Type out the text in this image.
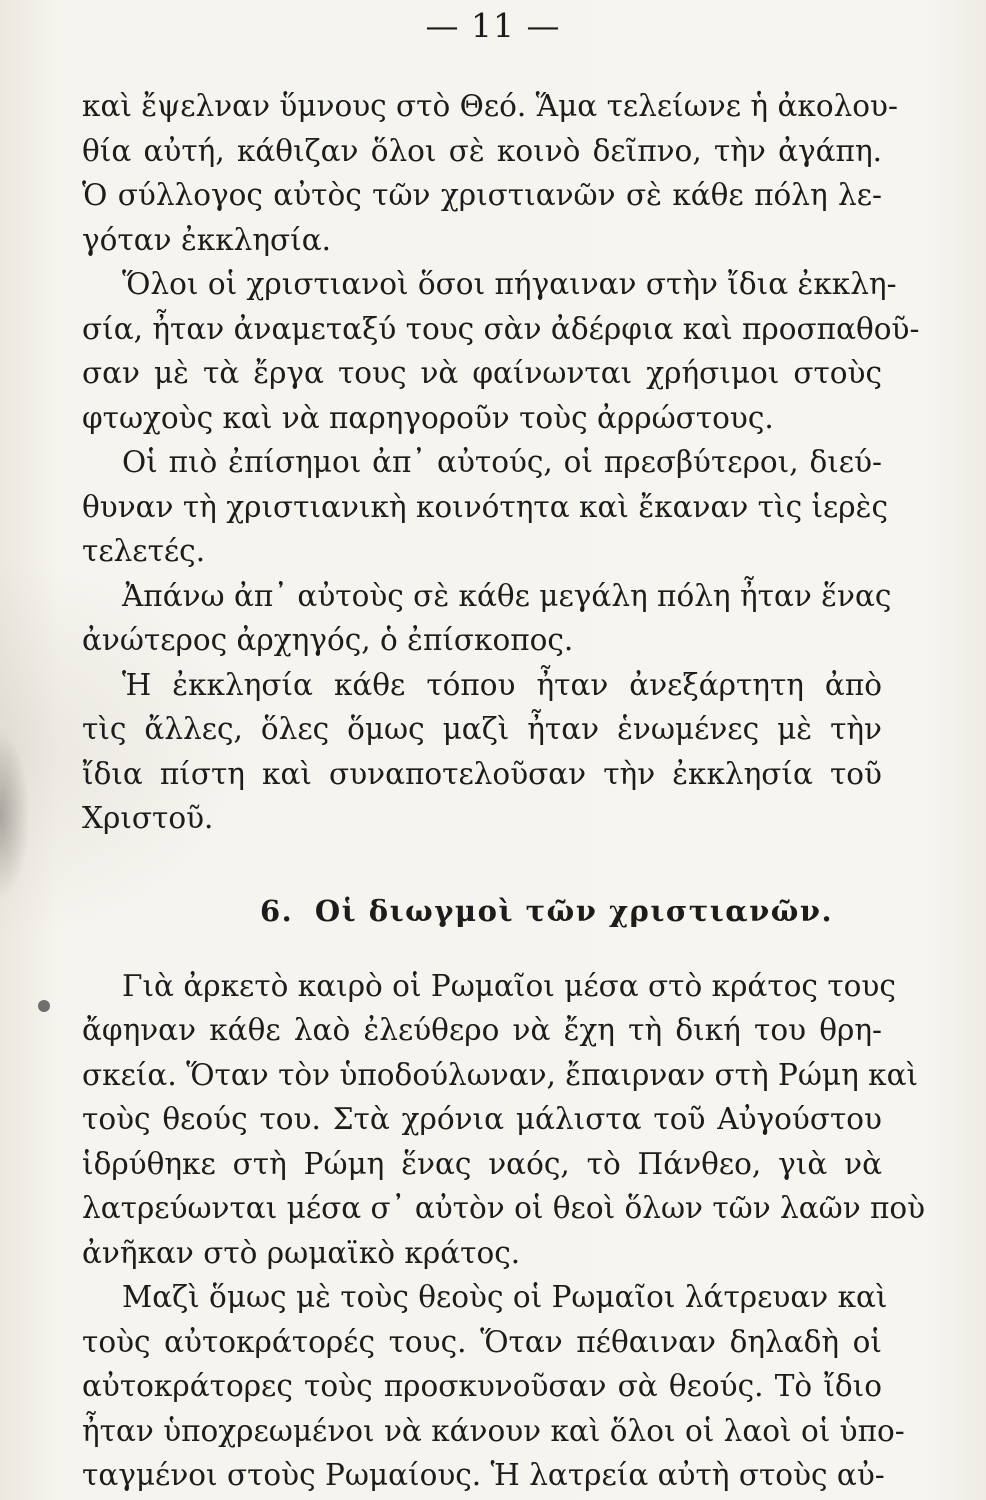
— 11 —
καὶ ἔψελναν ὕμνους στὸ Θεό. Ἅμα τελείωνε ἡ ἀκολου-
θία αὐτή, κάθιζαν ὅλοι σὲ κοινὸ δεῖπνο, τὴν ἀγάπη.
Ὁ σύλλογος αὐτὸς τῶν χριστιανῶν σὲ κάθε πόλη λε-
γόταν ἐκκλησία.
Ὅλοι οἱ χριστιανοὶ ὅσοι πήγαιναν στὴν ἴδια ἐκκλη-
σία, ἦταν ἀναμεταξύ τους σὰν ἀδέρφια καὶ προσπαθοῦ-
σαν μὲ τὰ ἔργα τους νὰ φαίνωνται χρήσιμοι στοὺς
φτωχοὺς καὶ νὰ παρηγοροῦν τοὺς ἀρρώστους.
Οἱ πιὸ ἐπίσημοι ἀπ᾽ αὐτούς, οἱ πρεσβύτεροι, διεύ-
θυναν τὴ χριστιανικὴ κοινότητα καὶ ἔκαναν τὶς ἱερὲς
τελετές.
Ἀπάνω ἀπ᾽ αὐτοὺς σὲ κάθε μεγάλη πόλη ἦταν ἕνας
ἀνώτερος ἀρχηγός, ὁ ἐπίσκοπος.
Ἡ ἐκκλησία κάθε τόπου ἦταν ἀνεξάρτητη ἀπὸ
τὶς ἄλλες, ὅλες ὅμως μαζὶ ἦταν ἑνωμένες μὲ τὴν
ἴδια πίστη καὶ συναποτελοῦσαν τὴν ἐκκλησία τοῦ
Χριστοῦ.
6. Οἱ διωγμοὶ τῶν χριστιανῶν.
Γιὰ ἀρκετὸ καιρὸ οἱ Ρωμαῖοι μέσα στὸ κράτος τους
ἄφηναν κάθε λαὸ ἐλεύθερο νὰ ἔχη τὴ δική του θρη-
σκεία. Ὅταν τὸν ὑποδούλωναν, ἔπαιρναν στὴ Ρώμη καὶ
τοὺς θεούς του. Στὰ χρόνια μάλιστα τοῦ Αὐγούστου
ἱδρύθηκε στὴ Ρώμη ἕνας ναός, τὸ Πάνθεο, γιὰ νὰ
λατρεύωνται μέσα σ᾽ αὐτὸν οἱ θεοὶ ὅλων τῶν λαῶν ποὺ
ἀνῆκαν στὸ ρωμαϊκὸ κράτος.
Μαζὶ ὅμως μὲ τοὺς θεοὺς οἱ Ρωμαῖοι λάτρευαν καὶ
τοὺς αὐτοκράτορές τους. Ὅταν πέθαιναν δηλαδὴ οἱ
αὐτοκράτορες τοὺς προσκυνοῦσαν σὰ θεούς. Τὸ ἴδιο
ἦταν ὑποχρεωμένοι νὰ κάνουν καὶ ὅλοι οἱ λαοὶ οἱ ὑπο-
ταγμένοι στοὺς Ρωμαίους. Ἡ λατρεία αὐτὴ στοὺς αὐ-
